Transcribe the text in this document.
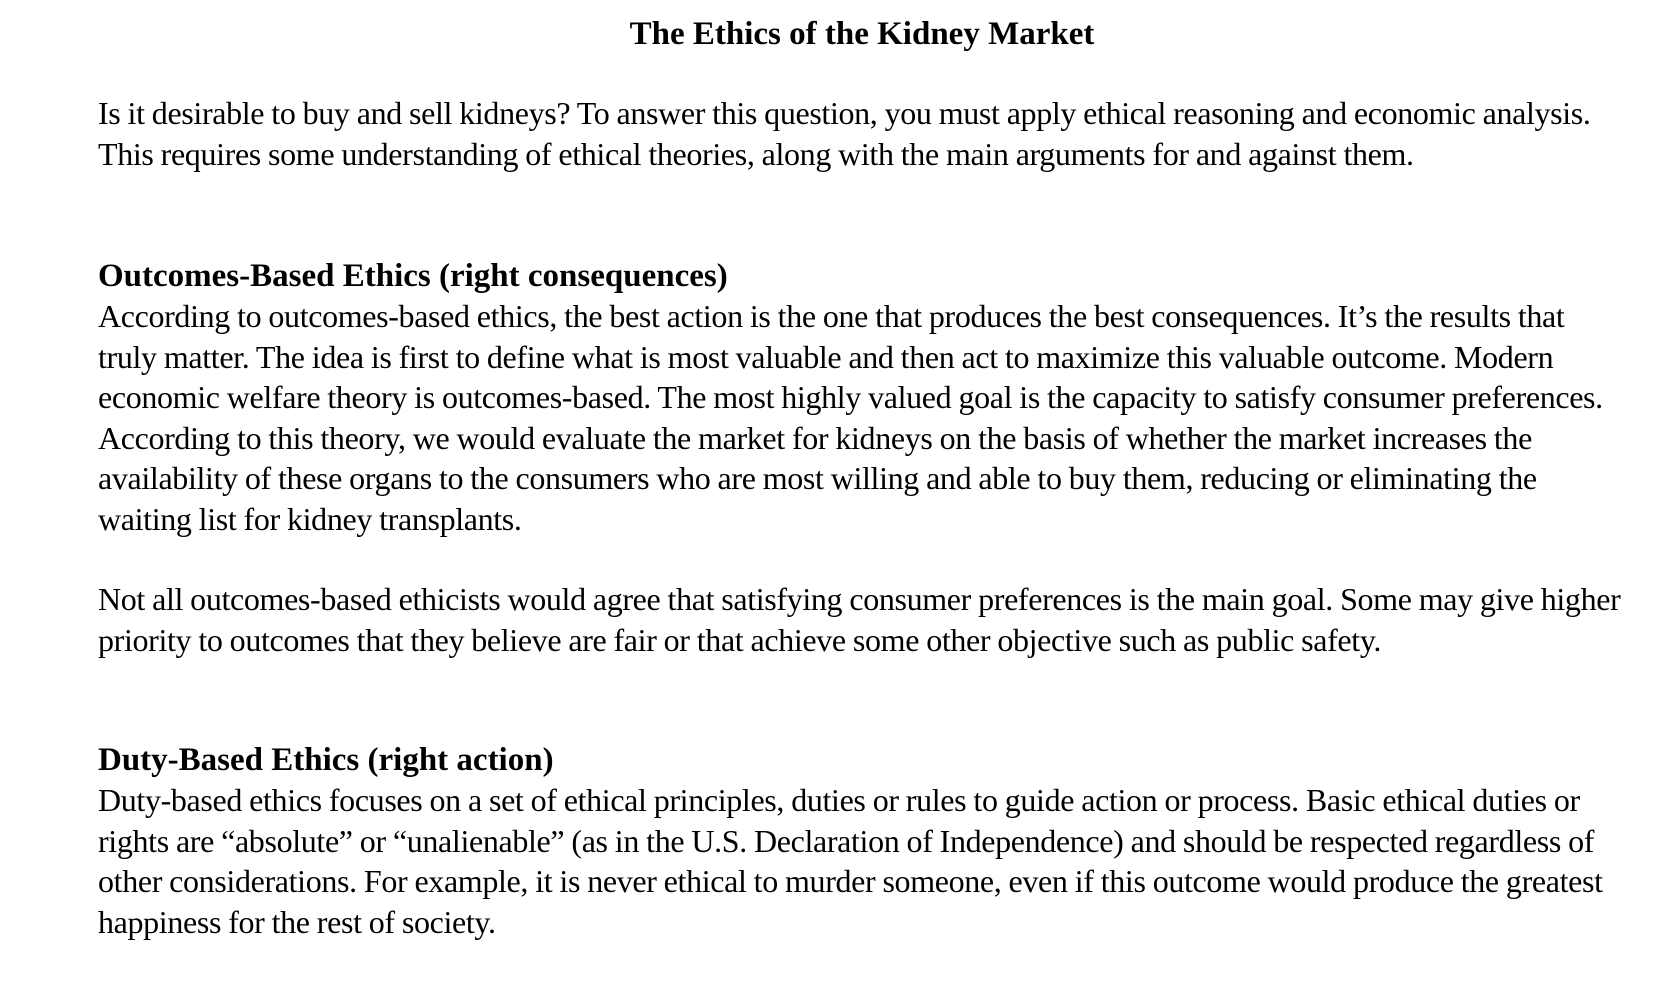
The Ethics of the Kidney Market

Is it desirable to buy and sell kidneys? To answer this question, you must apply ethical reasoning and economic analysis. This requires some understanding of ethical theories, along with the main arguments for and against them.

Outcomes-Based Ethics (right consequences)

According to outcomes-based ethics, the best action is the one that produces the best consequences. It’s the results that truly matter. The idea is first to define what is most valuable and then act to maximize this valuable outcome. Modern economic welfare theory is outcomes-based. The most highly valued goal is the capacity to satisfy consumer preferences. According to this theory, we would evaluate the market for kidneys on the basis of whether the market increases the availability of these organs to the consumers who are most willing and able to buy them, reducing or eliminating the waiting list for kidney transplants.

Not all outcomes-based ethicists would agree that satisfying consumer preferences is the main goal. Some may give higher priority to outcomes that they believe are fair or that achieve some other objective such as public safety.

Duty-Based Ethics (right action)

Duty-based ethics focuses on a set of ethical principles, duties or rules to guide action or process. Basic ethical duties or rights are “absolute” or “unalienable” (as in the U.S. Declaration of Independence) and should be respected regardless of other considerations. For example, it is never ethical to murder someone, even if this outcome would produce the greatest happiness for the rest of society.
